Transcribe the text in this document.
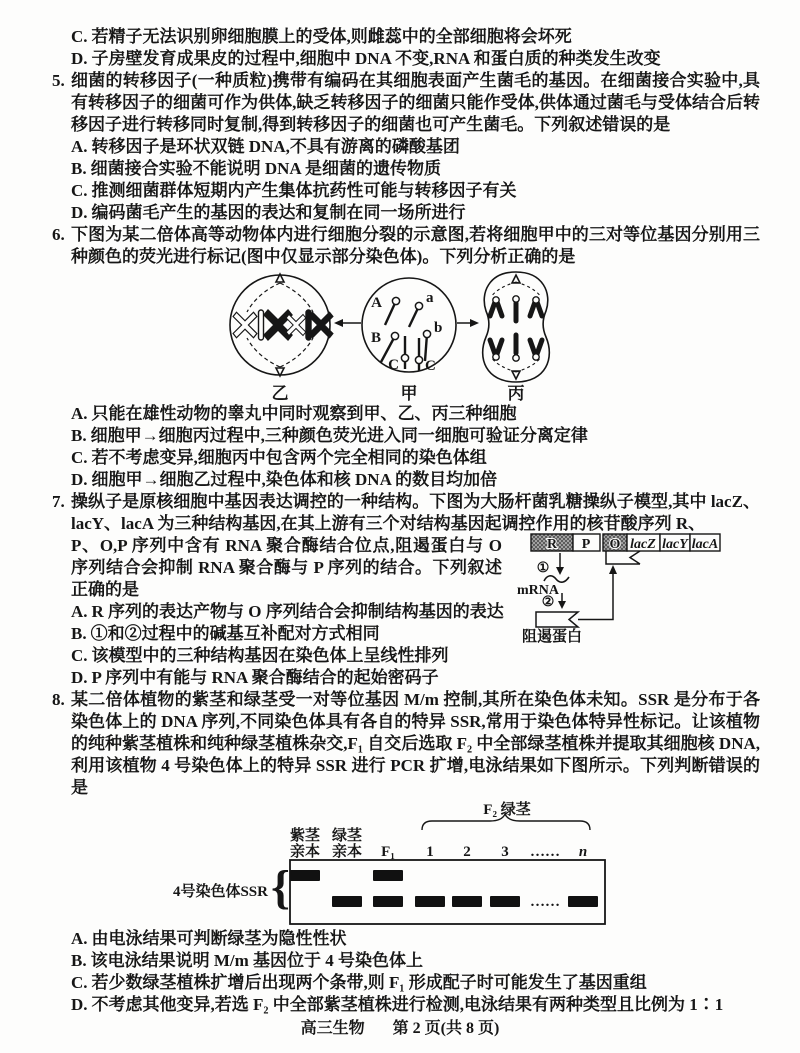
C. 若精子无法识别卵细胞膜上的受体,则雌蕊中的全部细胞将会坏死
D. 子房壁发育成果皮的过程中,细胞中 DNA 不变,RNA 和蛋白质的种类发生改变
5. 细菌的转移因子(一种质粒)携带有编码在其细胞表面产生菌毛的基因。在细菌接合实验中,具有转移因子的细菌可作为供体,缺乏转移因子的细菌只能作受体,供体通过菌毛与受体结合后转移因子进行转移同时复制,得到转移因子的细菌也可产生菌毛。下列叙述错误的是
A. 转移因子是环状双链 DNA,不具有游离的磷酸基团
B. 细菌接合实验不能说明 DNA 是细菌的遗传物质
C. 推测细菌群体短期内产生集体抗药性可能与转移因子有关
D. 编码菌毛产生的基因的表达和复制在同一场所进行
6. 下图为某二倍体高等动物体内进行细胞分裂的示意图,若将细胞甲中的三对等位基因分别用三种颜色的荧光进行标记(图中仅显示部分染色体)。下列分析正确的是
A	a
B
b
C C
乙	甲	丙
A. 只能在雄性动物的睾丸中同时观察到甲、乙、丙三种细胞
B. 细胞甲→细胞丙过程中,三种颜色荧光进入同一细胞可验证分离定律
C. 若不考虑变异,细胞丙中包含两个完全相同的染色体组
D. 细胞甲→细胞乙过程中,染色体和核 DNA 的数目均加倍
7. 操纵子是原核细胞中基因表达调控的一种结构。下图为大肠杆菌乳糖操纵子模型,其中 lacZ、lacY、lacA 为三种结构基因,在其上游有三个对结构基因起调控作用的核苷酸序列 R、
P、O,P 序列中含有 RNA 聚合酶结合位点,阻遏蛋白与 O 序列结合会抑制 RNA 聚合酶与 P 序列的结合。下列叙述正确的是
R P O lacZ lacY lacA
①
mRNA
②
阻遏蛋白
A. R 序列的表达产物与 O 序列结合会抑制结构基因的表达
B. ①和②过程中的碱基互补配对方式相同
C. 该模型中的三种结构基因在染色体上呈线性排列
D. P 序列中有能与 RNA 聚合酶结合的起始密码子
8. 某二倍体植物的紫茎和绿茎受一对等位基因 M/m 控制,其所在染色体未知。SSR 是分布于各染色体上的 DNA 序列,不同染色体具有各自的特异 SSR,常用于染色体特异性标记。让该植物的纯种紫茎植株和纯种绿茎植株杂交,F₁ 自交后选取 F₂ 中全部绿茎植株并提取其细胞核 DNA,利用该植物 4 号染色体上的特异 SSR 进行 PCR 扩增,电泳结果如下图所示。下列判断错误的是
F₂ 绿茎
紫茎
亲本
绿茎
亲本 F₁ 1 2 3 …… n
4号染色体SSR {	……
A. 由电泳结果可判断绿茎为隐性性状
B. 该电泳结果说明 M/m 基因位于 4 号染色体上
C. 若少数绿茎植株扩增后出现两个条带,则 F₁ 形成配子时可能发生了基因重组
D. 不考虑其他变异,若选 F₂ 中全部紫茎植株进行检测,电泳结果有两种类型且比例为 1∶1
高三生物 第 2 页(共 8 页)
